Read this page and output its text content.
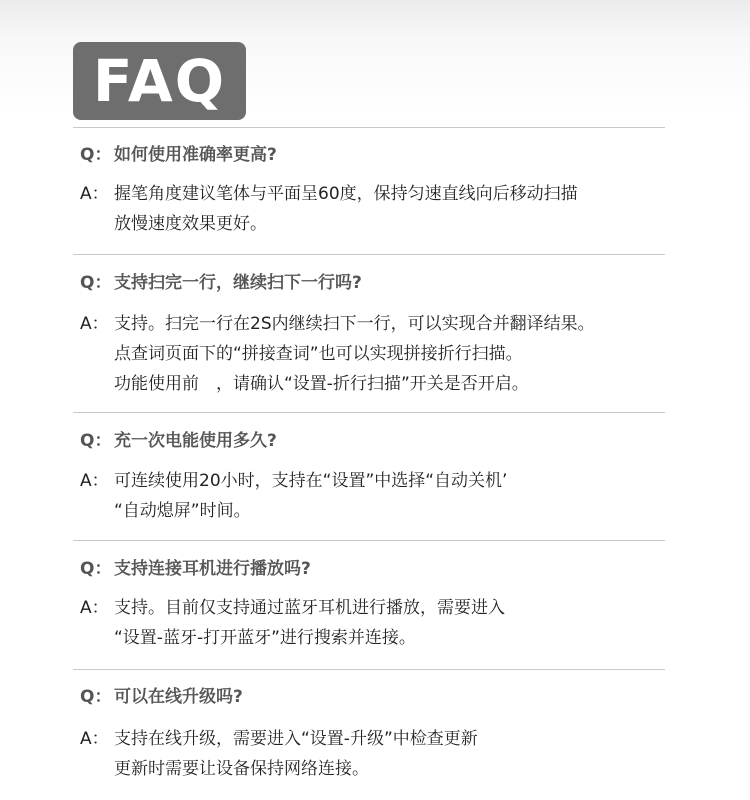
FAQ
Q： 如何使用准确率更高?
A： 握笔角度建议笔体与平面呈60度，保持匀速直线向后移动扫描
放慢速度效果更好。
Q： 支持扫完一行，继续扫下一行吗?
A： 支持。扫完一行在2S内继续扫下一行，可以实现合并翻译结果。
点查词页面下的“拼接查词”也可以实现拼接折行扫描。
功能使用前　，请确认“设置-折行扫描”开关是否开启。
Q： 充一次电能使用多久?
A： 可连续使用20小时，支持在“设置”中选择“自动关机’
“自动熄屏”时间。
Q： 支持连接耳机进行播放吗?
A： 支持。目前仅支持通过蓝牙耳机进行播放，需要进入
“设置-蓝牙-打开蓝牙”进行搜索并连接。
Q： 可以在线升级吗?
A： 支持在线升级，需要进入“设置-升级”中检查更新
更新时需要让设备保持网络连接。
